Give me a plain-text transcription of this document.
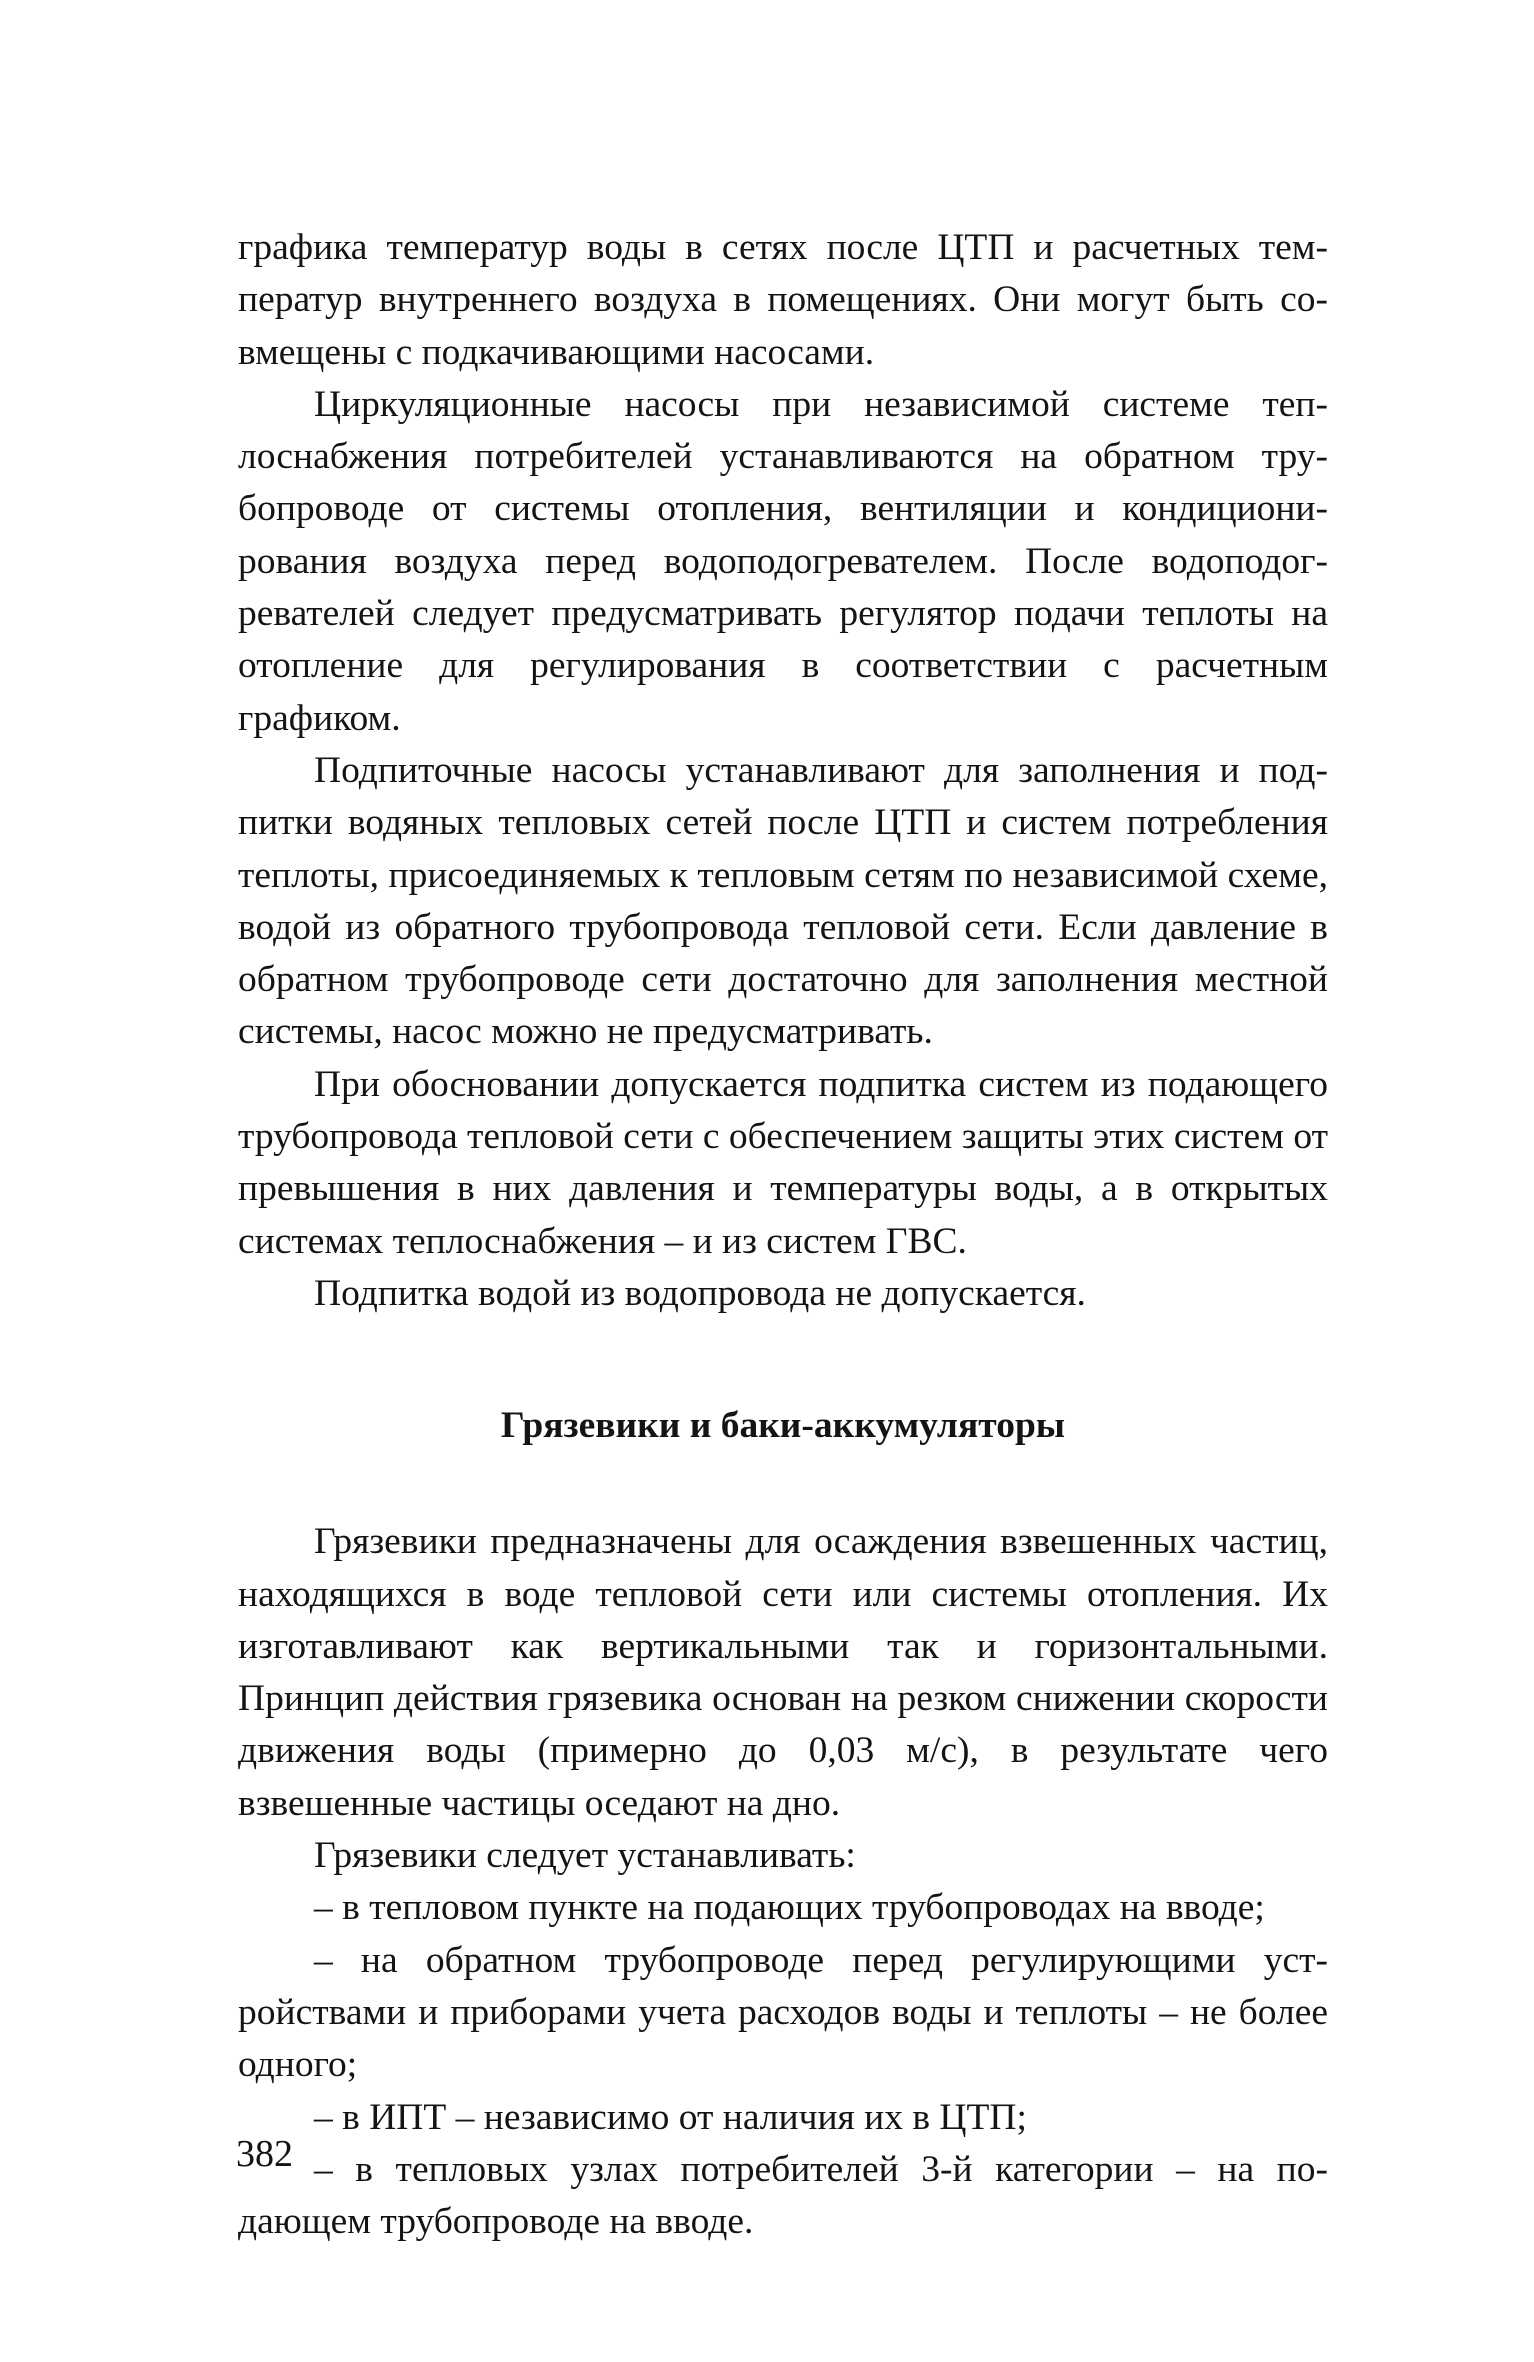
графика температур воды в сетях после ЦТП и расчетных температур внутреннего воздуха в помещениях. Они могут быть совмещены с подкачивающими насосами.

Циркуляционные насосы при независимой системе теплоснабжения потребителей устанавливаются на обратном трубопроводе от системы отопления, вентиляции и кондиционирования воздуха перед водоподогревателем. После водоподогревателей следует предусматривать регулятор подачи теплоты на отопление для регулирования в соответствии с расчетным графиком.

Подпиточные насосы устанавливают для заполнения и подпитки водяных тепловых сетей после ЦТП и систем потребления теплоты, присоединяемых к тепловым сетям по независимой схеме, водой из обратного трубопровода тепловой сети. Если давление в обратном трубопроводе сети достаточно для заполнения местной системы, насос можно не предусматривать.

При обосновании допускается подпитка систем из подающего трубопровода тепловой сети с обеспечением защиты этих систем от превышения в них давления и температуры воды, а в открытых системах теплоснабжения – и из систем ГВС.

Подпитка водой из водопровода не допускается.

Грязевики и баки-аккумуляторы

Грязевики предназначены для осаждения взвешенных частиц, находящихся в воде тепловой сети или системы отопления. Их изготавливают как вертикальными так и горизонтальными. Принцип действия грязевика основан на резком снижении скорости движения воды (примерно до 0,03 м/с), в результате чего взвешенные частицы оседают на дно.

Грязевики следует устанавливать:

– в тепловом пункте на подающих трубопроводах на вводе;

– на обратном трубопроводе перед регулирующими устройствами и приборами учета расходов воды и теплоты – не более одного;

– в ИПТ – независимо от наличия их в ЦТП;

– в тепловых узлах потребителей 3-й категории – на подающем трубопроводе на вводе.

382
